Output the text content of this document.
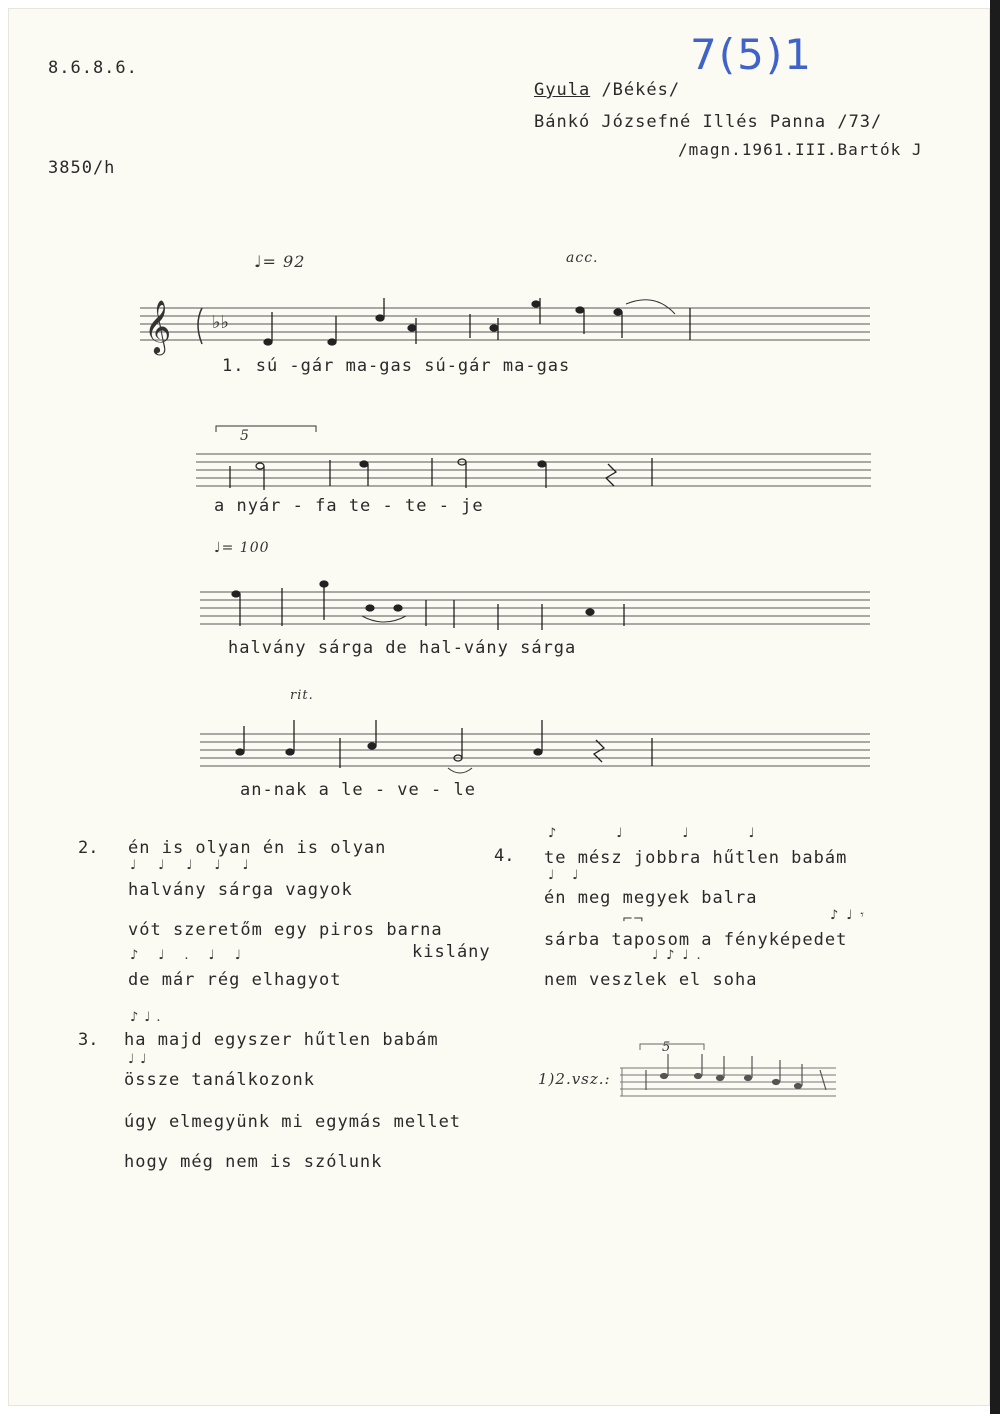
8.6.8.6.
3850/h
7(5)1
Gyula /Békés/
Bánkó Józsefné Illés Panna /73/
/magn.1961.III.Bartók J
♩= 92	acc.
♩= 100
rit.
𝄞 ♭♭
1. sú -gár ma-gas sú-gár ma-gas
5
a nyár - fa te - te - je
halvány sárga de hal-vány sárga
an-nak a le - ve - le
2.
♩♩♩♩♩
én is olyan én is olyan
halvány sárga vagyok
vót szeretőm egy piros barna
kislány
♪♩.♩♩
de már rég elhagyot
3.
♪♩.
ha majd egyszer hűtlen babám
♩♩
össze tanálkozonk
úgy elmegyünk mi egymás mellet
hogy még nem is szólunk
4.
♪♩♩♩
te mész jobbra hűtlen babám
♩♩
én meg megyek balra
⌐¬	♪♩𝄾
sárba taposom a fényképedet
♩♪♩.
nem veszlek el soha
1)2.vsz.:
5
